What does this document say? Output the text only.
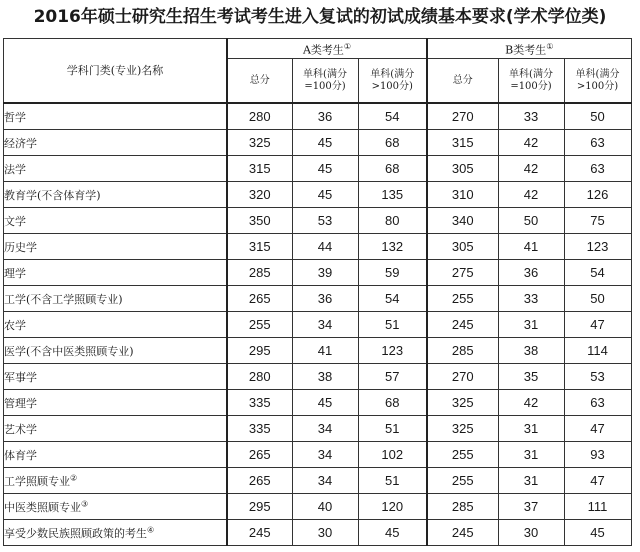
2016年硕士研究生招生考试考生进入复试的初试成绩基本要求(学术学位类)
学科门类(专业)名称	A类考生①			B类考生①
	总分	单科(满分=100分)	单科(满分>100分)	总分	单科(满分=100分)	单科(满分>100分)
哲学	280	36	54	270	33	50
经济学	325	45	68	315	42	63
法学	315	45	68	305	42	63
教育学(不含体育学)	320	45	135	310	42	126
文学	350	53	80	340	50	75
历史学	315	44	132	305	41	123
理学	285	39	59	275	36	54
工学(不含工学照顾专业)	265	36	54	255	33	50
农学	255	34	51	245	31	47
医学(不含中医类照顾专业)	295	41	123	285	38	114
军事学	280	38	57	270	35	53
管理学	335	45	68	325	42	63
艺术学	335	34	51	325	31	47
体育学	265	34	102	255	31	93
工学照顾专业②	265	34	51	255	31	47
中医类照顾专业③	295	40	120	285	37	111
享受少数民族照顾政策的考生④	245	30	45	245	30	45
